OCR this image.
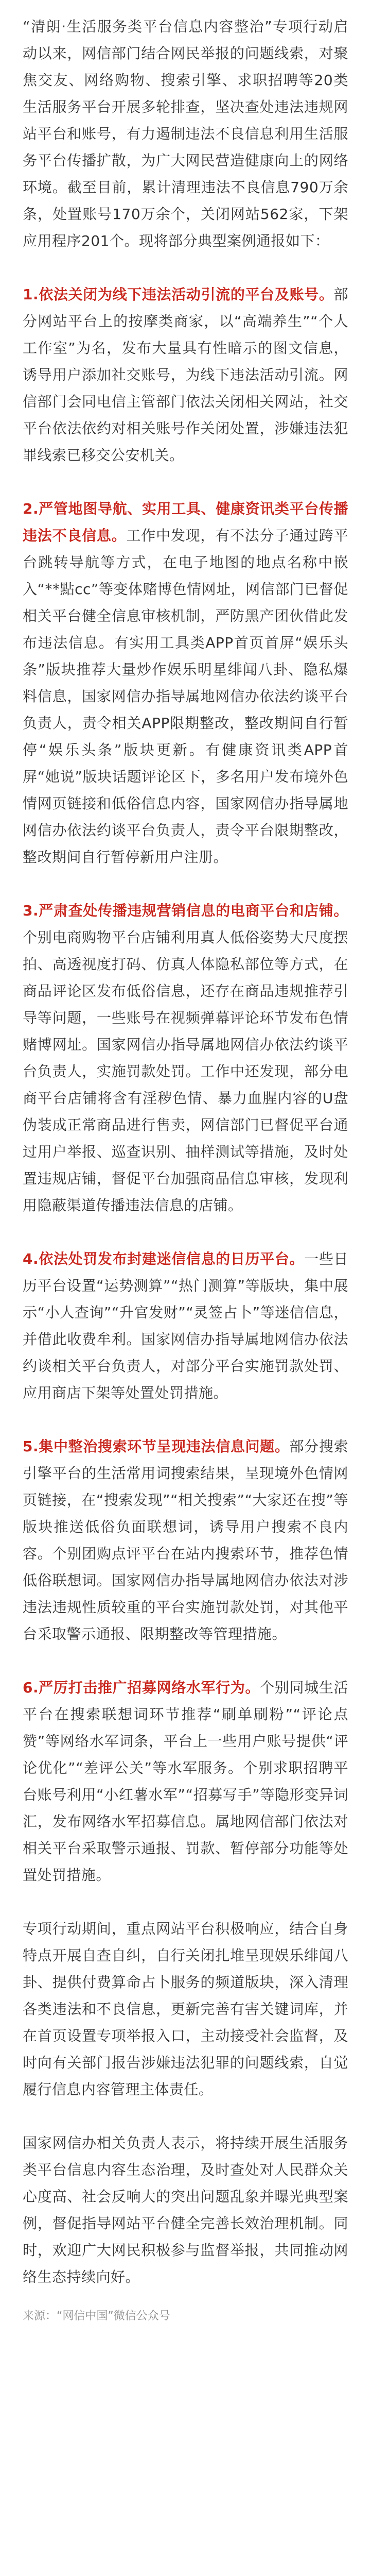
“清朗·生活服务类平台信息内容整治”专项行动启动以来，网信部门结合网民举报的问题线索，对聚焦交友、网络购物、搜索引擎、求职招聘等20类生活服务平台开展多轮排查，坚决查处违法违规网站平台和账号，有力遏制违法不良信息利用生活服务平台传播扩散，为广大网民营造健康向上的网络环境。截至目前，累计清理违法不良信息790万余条，处置账号170万余个，关闭网站562家，下架应用程序201个。现将部分典型案例通报如下：

1.依法关闭为线下违法活动引流的平台及账号。部分网站平台上的按摩类商家，以“高端养生”“个人工作室”为名，发布大量具有性暗示的图文信息，诱导用户添加社交账号，为线下违法活动引流。网信部门会同电信主管部门依法关闭相关网站，社交平台依法依约对相关账号作关闭处置，涉嫌违法犯罪线索已移交公安机关。

2.严管地图导航、实用工具、健康资讯类平台传播违法不良信息。工作中发现，有不法分子通过跨平台跳转导航等方式，在电子地图的地点名称中嵌入“**點cc”等变体赌博色情网址，网信部门已督促相关平台健全信息审核机制，严防黑产团伙借此发布违法信息。有实用工具类APP首页首屏“娱乐头条”版块推荐大量炒作娱乐明星绯闻八卦、隐私爆料信息，国家网信办指导属地网信办依法约谈平台负责人，责令相关APP限期整改，整改期间自行暂停“娱乐头条”版块更新。有健康资讯类APP首屏“她说”版块话题评论区下，多名用户发布境外色情网页链接和低俗信息内容，国家网信办指导属地网信办依法约谈平台负责人，责令平台限期整改，整改期间自行暂停新用户注册。

3.严肃查处传播违规营销信息的电商平台和店铺。个别电商购物平台店铺利用真人低俗姿势大尺度摆拍、高透视度打码、仿真人体隐私部位等方式，在商品评论区发布低俗信息，还存在商品违规推荐引导等问题，一些账号在视频弹幕评论环节发布色情赌博网址。国家网信办指导属地网信办依法约谈平台负责人，实施罚款处罚。工作中还发现，部分电商平台店铺将含有淫秽色情、暴力血腥内容的U盘伪装成正常商品进行售卖，网信部门已督促平台通过用户举报、巡查识别、抽样测试等措施，及时处置违规店铺，督促平台加强商品信息审核，发现利用隐蔽渠道传播违法信息的店铺。

4.依法处罚发布封建迷信信息的日历平台。一些日历平台设置“运势测算”“热门测算”等版块，集中展示“小人查询”“升官发财”“灵签占卜”等迷信信息，并借此收费牟利。国家网信办指导属地网信办依法约谈相关平台负责人，对部分平台实施罚款处罚、应用商店下架等处置处罚措施。

5.集中整治搜索环节呈现违法信息问题。部分搜索引擎平台的生活常用词搜索结果，呈现境外色情网页链接，在“搜索发现”“相关搜索”“大家还在搜”等版块推送低俗负面联想词，诱导用户搜索不良内容。个别团购点评平台在站内搜索环节，推荐色情低俗联想词。国家网信办指导属地网信办依法对涉违法违规性质较重的平台实施罚款处罚，对其他平台采取警示通报、限期整改等管理措施。

6.严厉打击推广招募网络水军行为。个别同城生活平台在搜索联想词环节推荐“刷单刷粉”“评论点赞”等网络水军词条，平台上一些用户账号提供“评论优化”“差评公关”等水军服务。个别求职招聘平台账号利用“小红薯水军”“招募写手”等隐形变异词汇，发布网络水军招募信息。属地网信部门依法对相关平台采取警示通报、罚款、暂停部分功能等处置处罚措施。

专项行动期间，重点网站平台积极响应，结合自身特点开展自查自纠，自行关闭扎堆呈现娱乐绯闻八卦、提供付费算命占卜服务的频道版块，深入清理各类违法和不良信息，更新完善有害关键词库，并在首页设置专项举报入口，主动接受社会监督，及时向有关部门报告涉嫌违法犯罪的问题线索，自觉履行信息内容管理主体责任。

国家网信办相关负责人表示，将持续开展生活服务类平台信息内容生态治理，及时查处对人民群众关心度高、社会反响大的突出问题乱象并曝光典型案例，督促指导网站平台健全完善长效治理机制。同时，欢迎广大网民积极参与监督举报，共同推动网络生态持续向好。

来源：“网信中国”微信公众号
